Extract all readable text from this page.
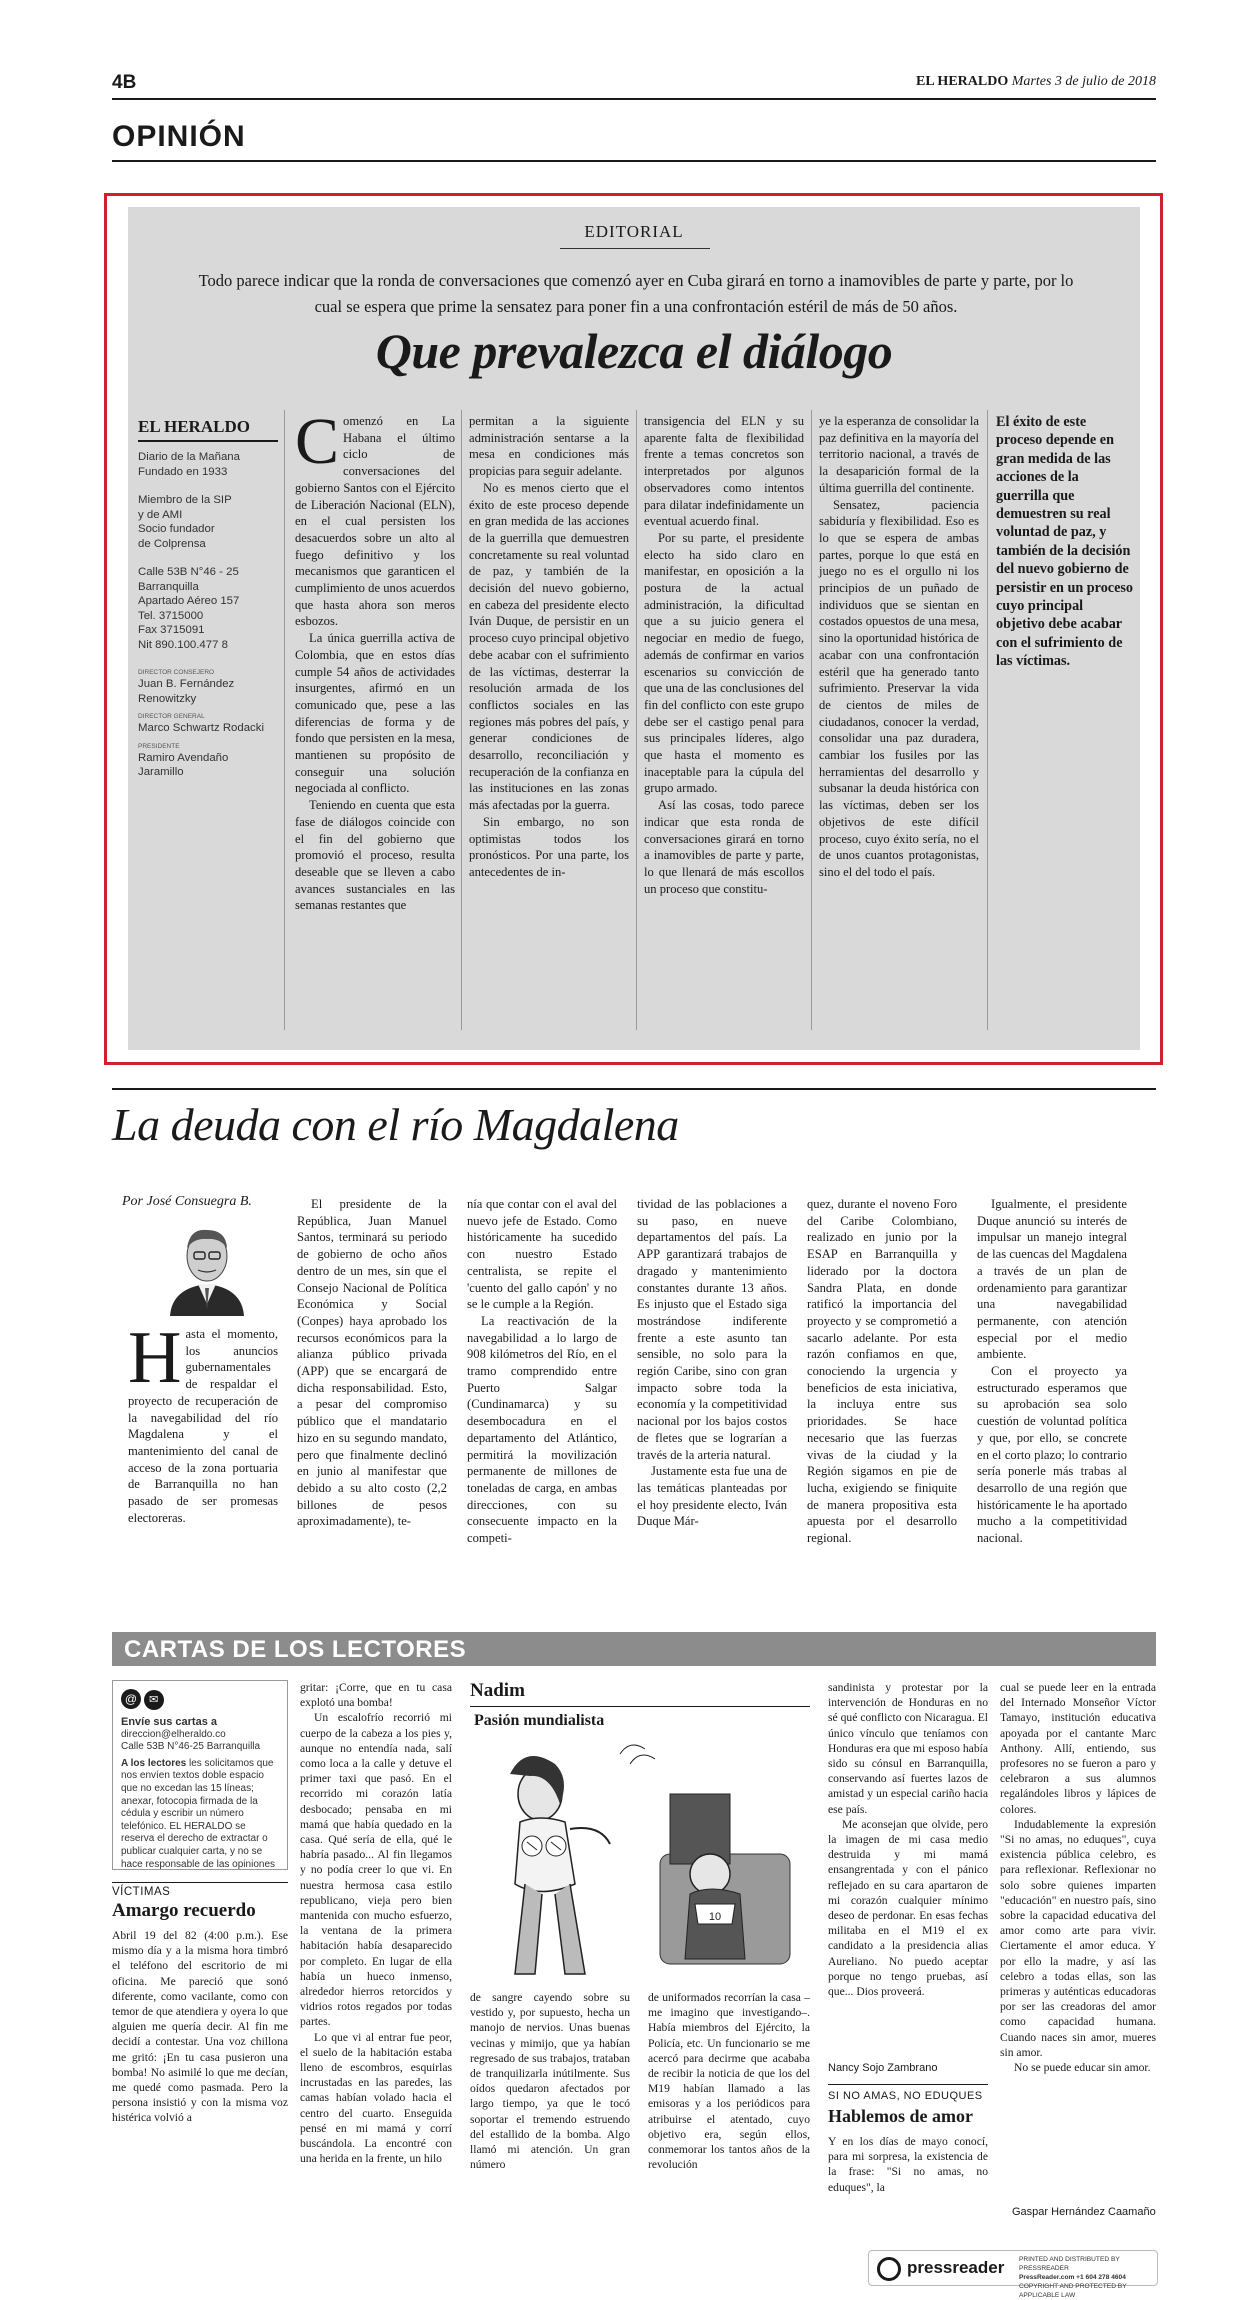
4B	EL HERALDO Martes 3 de julio de 2018
OPINIÓN
EDITORIAL
Todo parece indicar que la ronda de conversaciones que comenzó ayer en Cuba girará en torno a inamovibles de parte y parte, por lo cual se espera que prime la sensatez para poner fin a una confrontación estéril de más de 50 años.
Que prevalezca el diálogo
EL HERALDO
Diario de la Mañana
Fundado en 1933
Miembro de la SIP
y de AMI
Socio fundador
de Colprensa
Calle 53B N°46 - 25
Barranquilla
Apartado Aéreo 157
Tel. 3715000
Fax 3715091
Nit 890.100.477 8
DIRECTOR CONSEJERO
Juan B. Fernández Renowitzky
DIRECTOR GENERAL
Marco Schwartz Rodacki
PRESIDENTE
Ramiro Avendaño Jaramillo

Comenzó en La Habana el último ciclo de conversaciones del gobierno Santos con el Ejército de Liberación Nacional (ELN), en el cual persisten los desacuerdos sobre un alto al fuego definitivo y los mecanismos que garanticen el cumplimiento de unos acuerdos que hasta ahora son meros esbozos.

La única guerrilla activa de Colombia, que en estos días cumple 54 años de actividades insurgentes, afirmó en un comunicado que, pese a las diferencias de forma y de fondo que persisten en la mesa, mantienen su propósito de conseguir una solución negociada al conflicto.

Teniendo en cuenta que esta fase de diálogos coincide con el fin del gobierno que promovió el proceso, resulta deseable que se lleven a cabo avances sustanciales en las semanas restantes que

permitan a la siguiente administración sentarse a la mesa en condiciones más propicias para seguir adelante.

No es menos cierto que el éxito de este proceso depende en gran medida de las acciones de la guerrilla que demuestren concretamente su real voluntad de paz, y también de la decisión del nuevo gobierno, en cabeza del presidente electo Iván Duque, de persistir en un proceso cuyo principal objetivo debe acabar con el sufrimiento de las víctimas, desterrar la resolución armada de los conflictos sociales en las regiones más pobres del país, y generar condiciones de desarrollo, reconciliación y recuperación de la confianza en las instituciones en las zonas más afectadas por la guerra.

Sin embargo, no son optimistas todos los pronósticos. Por una parte, los antecedentes de in-

transigencia del ELN y su aparente falta de flexibilidad frente a temas concretos son interpretados por algunos observadores como intentos para dilatar indefinidamente un eventual acuerdo final.

Por su parte, el presidente electo ha sido claro en manifestar, en oposición a la postura de la actual administración, la dificultad que a su juicio genera el negociar en medio de fuego, además de confirmar en varios escenarios su convicción de que una de las conclusiones del fin del conflicto con este grupo debe ser el castigo penal para sus principales líderes, algo que hasta el momento es inaceptable para la cúpula del grupo armado.

Así las cosas, todo parece indicar que esta ronda de conversaciones girará en torno a inamovibles de parte y parte, lo que llenará de más escollos un proceso que constitu-

ye la esperanza de consolidar la paz definitiva en la mayoría del territorio nacional, a través de la desaparición formal de la última guerrilla del continente.

Sensatez, paciencia sabiduría y flexibilidad. Eso es lo que se espera de ambas partes, porque lo que está en juego no es el orgullo ni los principios de un puñado de individuos que se sientan en costados opuestos de una mesa, sino la oportunidad histórica de acabar con una confrontación estéril que ha generado tanto sufrimiento. Preservar la vida de cientos de miles de ciudadanos, conocer la verdad, consolidar una paz duradera, cambiar los fusiles por las herramientas del desarrollo y subsanar la deuda histórica con las víctimas, deben ser los objetivos de este difícil proceso, cuyo éxito sería, no el de unos cuantos protagonistas, sino el del todo el país.

El éxito de este proceso depende en gran medida de las acciones de la guerrilla que demuestren su real voluntad de paz, y también de la decisión del nuevo gobierno de persistir en un proceso cuyo principal objetivo debe acabar con el sufrimiento de las víctimas.
La deuda con el río Magdalena
Por José Consuegra B.

Hasta el momento, los anuncios gubernamentales de respaldar el proyecto de recuperación de la navegabilidad del río Magdalena y el mantenimiento del canal de acceso de la zona portuaria de Barranquilla no han pasado de ser promesas electoreras.

El presidente de la República, Juan Manuel Santos, terminará su periodo de gobierno de ocho años dentro de un mes, sin que el Consejo Nacional de Política Económica y Social (Conpes) haya aprobado los recursos económicos para la alianza público privada (APP) que se encargará de dicha responsabilidad. Esto, a pesar del compromiso público que el mandatario hizo en su segundo mandato, pero que finalmente declinó en junio al manifestar que debido a su alto costo (2,2 billones de pesos aproximadamente), te-

nía que contar con el aval del nuevo jefe de Estado. Como históricamente ha sucedido con nuestro Estado centralista, se repite el 'cuento del gallo capón' y no se le cumple a la Región.

La reactivación de la navegabilidad a lo largo de 908 kilómetros del Río, en el tramo comprendido entre Puerto Salgar (Cundinamarca) y su desembocadura en el departamento del Atlántico, permitirá la movilización permanente de millones de toneladas de carga, en ambas direcciones, con su consecuente impacto en la competi-

tividad de las poblaciones a su paso, en nueve departamentos del país. La APP garantizará trabajos de dragado y mantenimiento constantes durante 13 años. Es injusto que el Estado siga mostrándose indiferente frente a este asunto tan sensible, no solo para la región Caribe, sino con gran impacto sobre toda la economía y la competitividad nacional por los bajos costos de fletes que se lograrían a través de la arteria natural.

Justamente esta fue una de las temáticas planteadas por el hoy presidente electo, Iván Duque Már-

quez, durante el noveno Foro del Caribe Colombiano, realizado en junio por la ESAP en Barranquilla y liderado por la doctora Sandra Plata, en donde ratificó la importancia del proyecto y se comprometió a sacarlo adelante. Por esta razón confiamos en que, conociendo la urgencia y beneficios de esta iniciativa, la incluya entre sus prioridades. Se hace necesario que las fuerzas vivas de la ciudad y la Región sigamos en pie de lucha, exigiendo se finiquite de manera propositiva esta apuesta por el desarrollo regional.

Igualmente, el presidente Duque anunció su interés de impulsar un manejo integral de las cuencas del Magdalena a través de un plan de ordenamiento para garantizar una navegabilidad permanente, con atención especial por el medio ambiente.

Con el proyecto ya estructurado esperamos que su aprobación sea solo cuestión de voluntad política y que, por ello, se concrete en el corto plazo; lo contrario sería ponerle más trabas al desarrollo de una región que históricamente le ha aportado mucho a la competitividad nacional.

CARTAS DE LOS LECTORES
@ ✉
Envíe sus cartas a
direccion@elheraldo.co
Calle 53B N°46-25 Barranquilla
A los lectores les solicitamos que nos envíen textos doble espacio que no excedan las 15 líneas; anexar, fotocopia firmada de la cédula y escribir un número telefónico. EL HERALDO se reserva el derecho de extractar o publicar cualquier carta, y no se hace responsable de las opiniones
VÍCTIMAS
Amargo recuerdo

Abril 19 del 82 (4:00 p.m.). Ese mismo día y a la misma hora timbró el teléfono del escritorio de mi oficina. Me pareció que sonó diferente, como vacilante, como con temor de que atendiera y oyera lo que alguien me quería decir. Al fin me decidí a contestar. Una voz chillona me gritó: ¡En tu casa pusieron una bomba! No asimilé lo que me decían, me quedé como pasmada. Pero la persona insistió y con la misma voz histérica volvió a

gritar: ¡Corre, que en tu casa explotó una bomba!

Un escalofrío recorrió mi cuerpo de la cabeza a los pies y, aunque no entendía nada, salí como loca a la calle y detuve el primer taxi que pasó. En el recorrido mi corazón latía desbocado; pensaba en mi mamá que había quedado en la casa. Qué sería de ella, qué le habría pasado... Al fin llegamos y no podía creer lo que vi. En nuestra hermosa casa estilo republicano, vieja pero bien mantenida con mucho esfuerzo, la ventana de la primera habitación había desaparecido por completo. En lugar de ella había un hueco inmenso, alrededor hierros retorcidos y vidrios rotos regados por todas partes.

Lo que vi al entrar fue peor, el suelo de la habitación estaba lleno de escombros, esquirlas incrustadas en las paredes, las camas habían volado hacia el centro del cuarto. Enseguida pensé en mi mamá y corrí buscándola. La encontré con una herida en la frente, un hilo

Nadim
Pasión mundialista
10

de sangre cayendo sobre su vestido y, por supuesto, hecha un manojo de nervios. Unas buenas vecinas y mimijo, que ya habían regresado de sus trabajos, trataban de tranquilizarla inútilmente. Sus oídos quedaron afectados por largo tiempo, ya que le tocó soportar el tremendo estruendo del estallido de la bomba. Algo llamó mi atención. Un gran número

de uniformados recorrían la casa –me imagino que investigando–. Había miembros del Ejército, la Policía, etc. Un funcionario se me acercó para decirme que acababa de recibir la noticia de que los del M19 habían llamado a las emisoras y a los periódicos para atribuirse el atentado, cuyo objetivo era, según ellos, conmemorar los tantos años de la revolución

sandinista y protestar por la intervención de Honduras en no sé qué conflicto con Nicaragua. El único vínculo que teníamos con Honduras era que mi esposo había sido su cónsul en Barranquilla, conservando así fuertes lazos de amistad y un especial cariño hacia ese país.

Me aconsejan que olvide, pero la imagen de mi casa medio destruida y mi mamá ensangrentada y con el pánico reflejado en su cara apartaron de mi corazón cualquier mínimo deseo de perdonar. En esas fechas militaba en el M19 el ex candidato a la presidencia alias Aureliano. No puedo aceptar porque no tengo pruebas, así que... Dios proveerá.

Nancy Sojo Zambrano
SI NO AMAS, NO EDUQUES
Hablemos de amor

Y en los días de mayo conocí, para mi sorpresa, la existencia de la frase: "Si no amas, no eduques", la

cual se puede leer en la entrada del Internado Monseñor Víctor Tamayo, institución educativa apoyada por el cantante Marc Anthony. Allí, entiendo, sus profesores no se fueron a paro y celebraron a sus alumnos regalándoles libros y lápices de colores.

Indudablemente la expresión "Si no amas, no eduques", cuya existencia pública celebro, es para reflexionar. Reflexionar no solo sobre quienes imparten "educación" en nuestro país, sino sobre la capacidad educativa del amor como arte para vivir. Ciertamente el amor educa. Y por ello la madre, y así las celebro a todas ellas, son las primeras y auténticas educadoras por ser las creadoras del amor como capacidad humana. Cuando naces sin amor, mueres sin amor.

No se puede educar sin amor.

Gaspar Hernández Caamaño
pressreader PRINTED AND DISTRIBUTED BY PRESSREADER
PressReader.com +1 604 278 4604
COPYRIGHT AND PROTECTED BY APPLICABLE LAW
